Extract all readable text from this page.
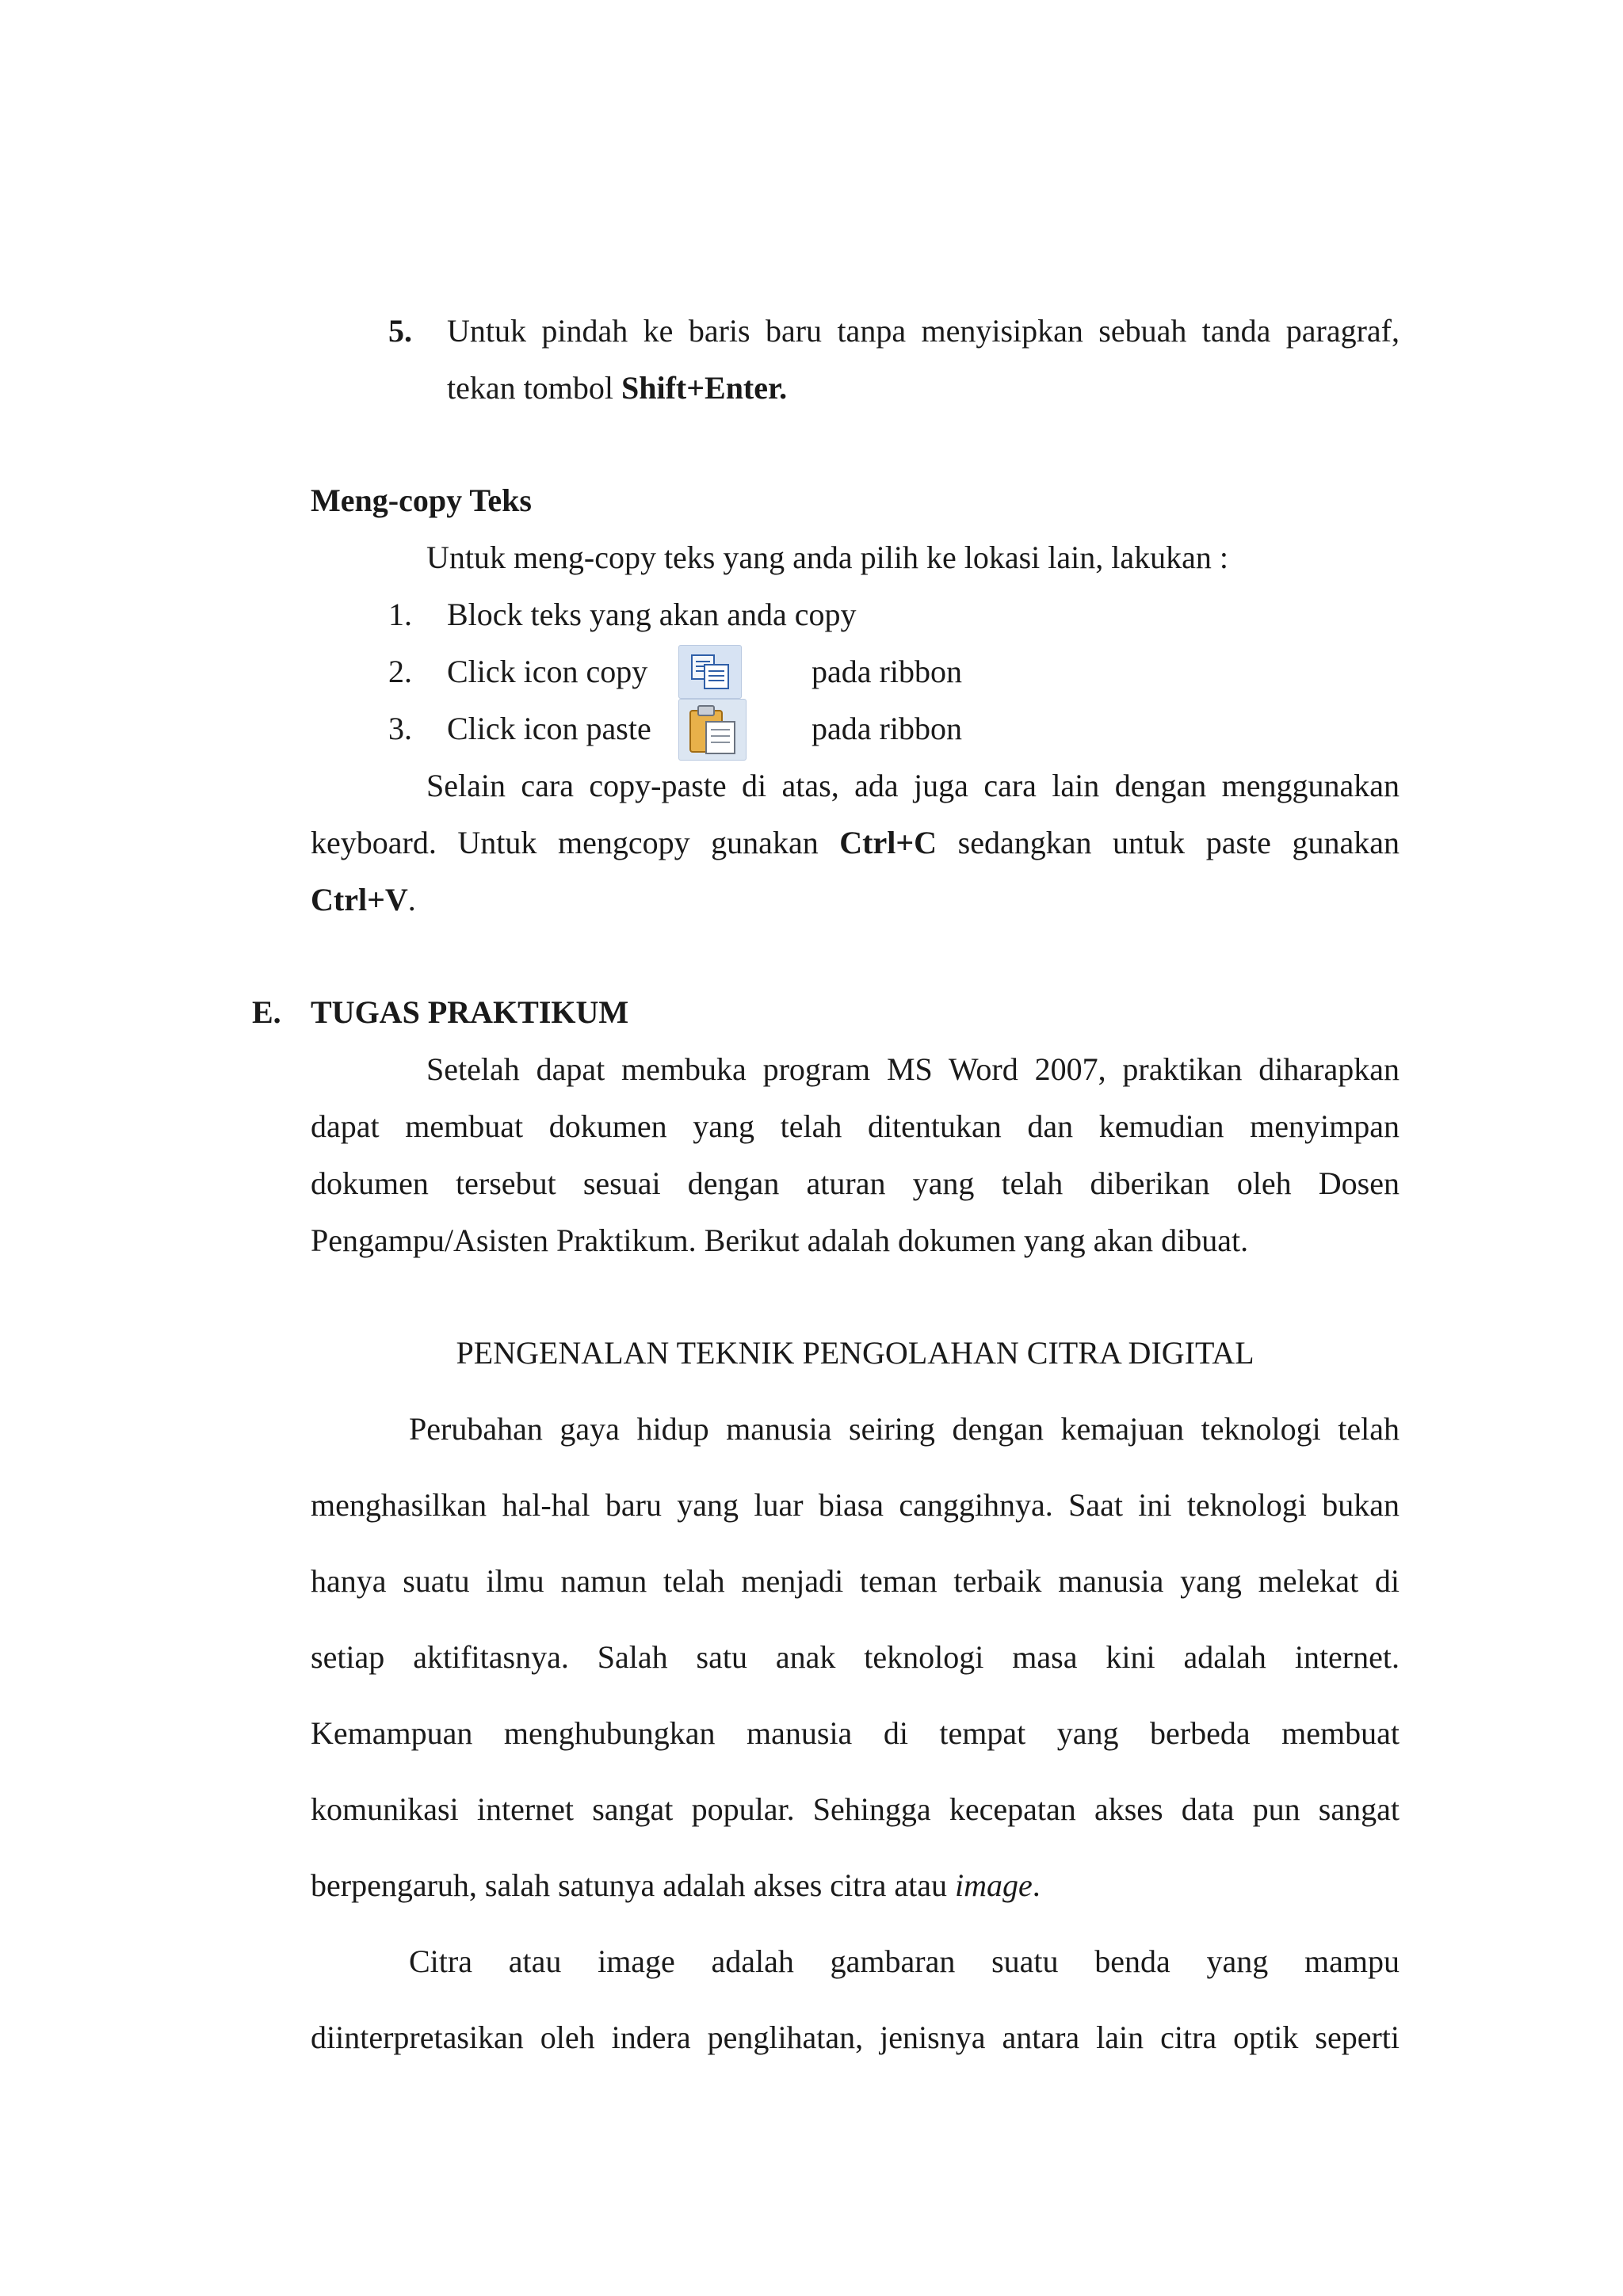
5. Untuk pindah ke baris baru tanpa menyisipkan sebuah tanda paragraf,
tekan tombol Shift+Enter.
Meng-copy Teks
Untuk meng-copy teks yang anda pilih ke lokasi lain, lakukan :
1. Block teks yang akan anda copy
2. Click icon copy	pada ribbon
3. Click icon paste	pada ribbon
Selain cara copy-paste di atas, ada juga cara lain dengan menggunakan
keyboard. Untuk mengcopy gunakan Ctrl+C sedangkan untuk paste gunakan
Ctrl+V.
E. TUGAS PRAKTIKUM
Setelah dapat membuka program MS Word 2007, praktikan diharapkan
dapat membuat dokumen yang telah ditentukan dan kemudian menyimpan
dokumen tersebut sesuai dengan aturan yang telah diberikan oleh Dosen
Pengampu/Asisten Praktikum. Berikut adalah dokumen yang akan dibuat.
PENGENALAN TEKNIK PENGOLAHAN CITRA DIGITAL
Perubahan gaya hidup manusia seiring dengan kemajuan teknologi telah
menghasilkan hal-hal baru yang luar biasa canggihnya. Saat ini teknologi bukan
hanya suatu ilmu namun telah menjadi teman terbaik manusia yang melekat di
setiap aktifitasnya. Salah satu anak teknologi masa kini adalah internet.
Kemampuan menghubungkan manusia di tempat yang berbeda membuat
komunikasi internet sangat popular. Sehingga kecepatan akses data pun sangat
berpengaruh, salah satunya adalah akses citra atau image.
Citra atau image adalah gambaran suatu benda yang mampu
diinterpretasikan oleh indera penglihatan, jenisnya antara lain citra optik seperti
